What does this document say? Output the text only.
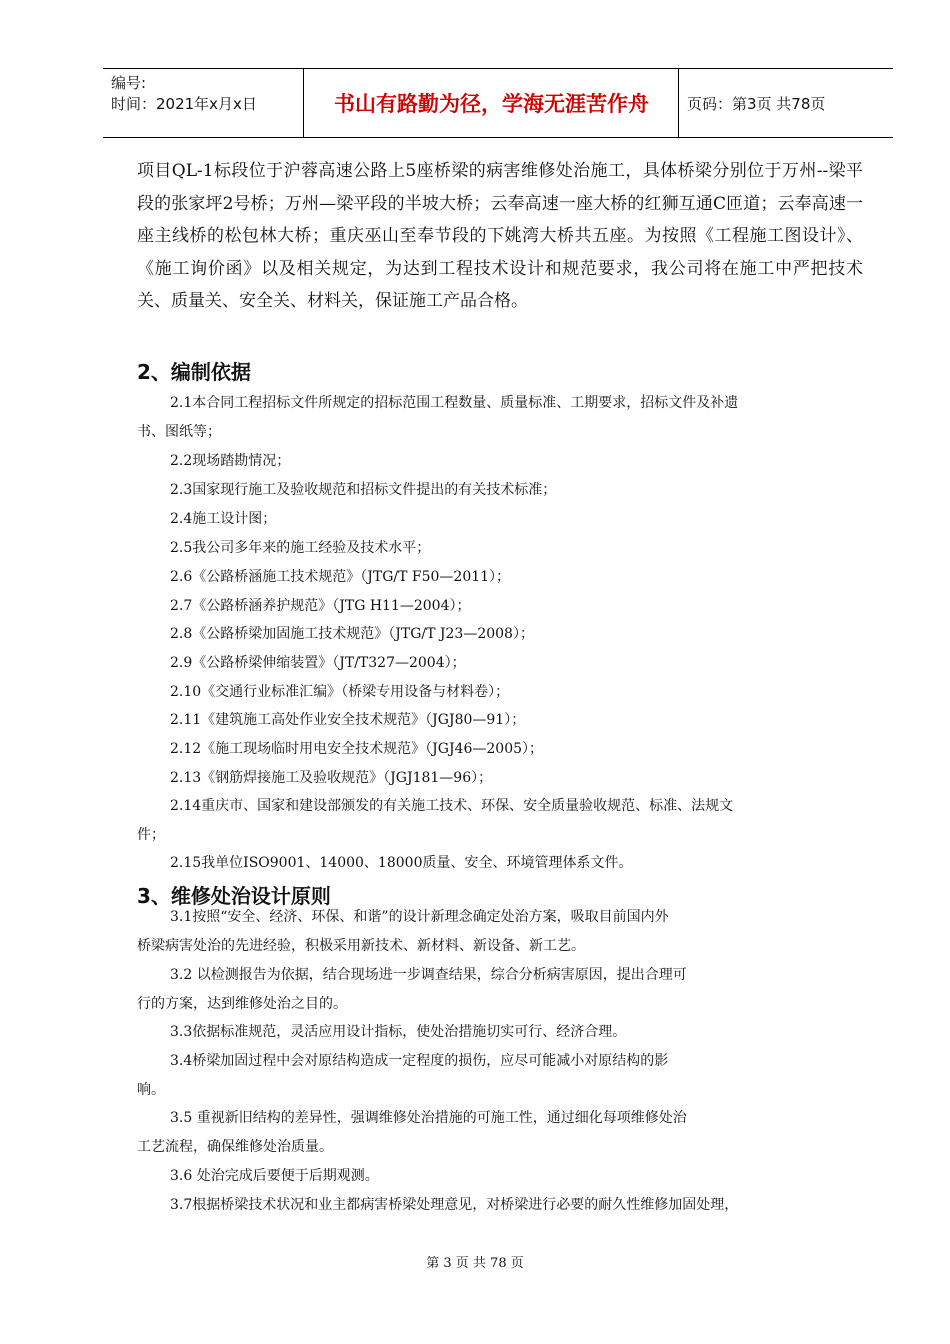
编号:
时间：2021年x月x日	书山有路勤为径，学海无涯苦作舟	页码：第3页 共78页
项目QL-1标段位于沪蓉高速公路上5座桥梁的病害维修处治施工，具体桥梁分别位于万州--梁平段的张家坪2号桥；万州—梁平段的半坡大桥；云奉高速一座大桥的红狮互通C匝道；云奉高速一座主线桥的松包林大桥；重庆巫山至奉节段的下姚湾大桥共五座。为按照《工程施工图设计》、《施工询价函》以及相关规定，为达到工程技术设计和规范要求，我公司将在施工中严把技术关、质量关、安全关、材料关，保证施工产品合格。
2、编制依据
2.1本合同工程招标文件所规定的招标范围工程数量、质量标准、工期要求，招标文件及补遗
书、图纸等；
2.2现场踏勘情况；
2.3国家现行施工及验收规范和招标文件提出的有关技术标准；
2.4施工设计图；
2.5我公司多年来的施工经验及技术水平；
2.6《公路桥涵施工技术规范》（JTG/T F50—2011）；
2.7《公路桥涵养护规范》（JTG H11—2004）；
2.8《公路桥梁加固施工技术规范》（JTG/T J23—2008）；
2.9《公路桥梁伸缩装置》（JT/T327—2004）；
2.10《交通行业标准汇编》（桥梁专用设备与材料卷）；
2.11《建筑施工高处作业安全技术规范》（JGJ80—91）；
2.12《施工现场临时用电安全技术规范》（JGJ46—2005）；
2.13《钢筋焊接施工及验收规范》（JGJ181—96）；
2.14重庆市、国家和建设部颁发的有关施工技术、环保、安全质量验收规范、标准、法规文
件；
2.15我单位ISO9001、14000、18000质量、安全、环境管理体系文件。
3、维修处治设计原则
3.1按照“安全、经济、环保、和谐”的设计新理念确定处治方案，吸取目前国内外
桥梁病害处治的先进经验，积极采用新技术、新材料、新设备、新工艺。
3.2 以检测报告为依据，结合现场进一步调查结果，综合分析病害原因，提出合理可
行的方案，达到维修处治之目的。
3.3依据标准规范，灵活应用设计指标，使处治措施切实可行、经济合理。
3.4桥梁加固过程中会对原结构造成一定程度的损伤，应尽可能减小对原结构的影
响。
3.5 重视新旧结构的差异性，强调维修处治措施的可施工性，通过细化每项维修处治
工艺流程，确保维修处治质量。
3.6 处治完成后要便于后期观测。
3.7根据桥梁技术状况和业主都病害桥梁处理意见，对桥梁进行必要的耐久性维修加固处理，
第 3 页 共 78 页
